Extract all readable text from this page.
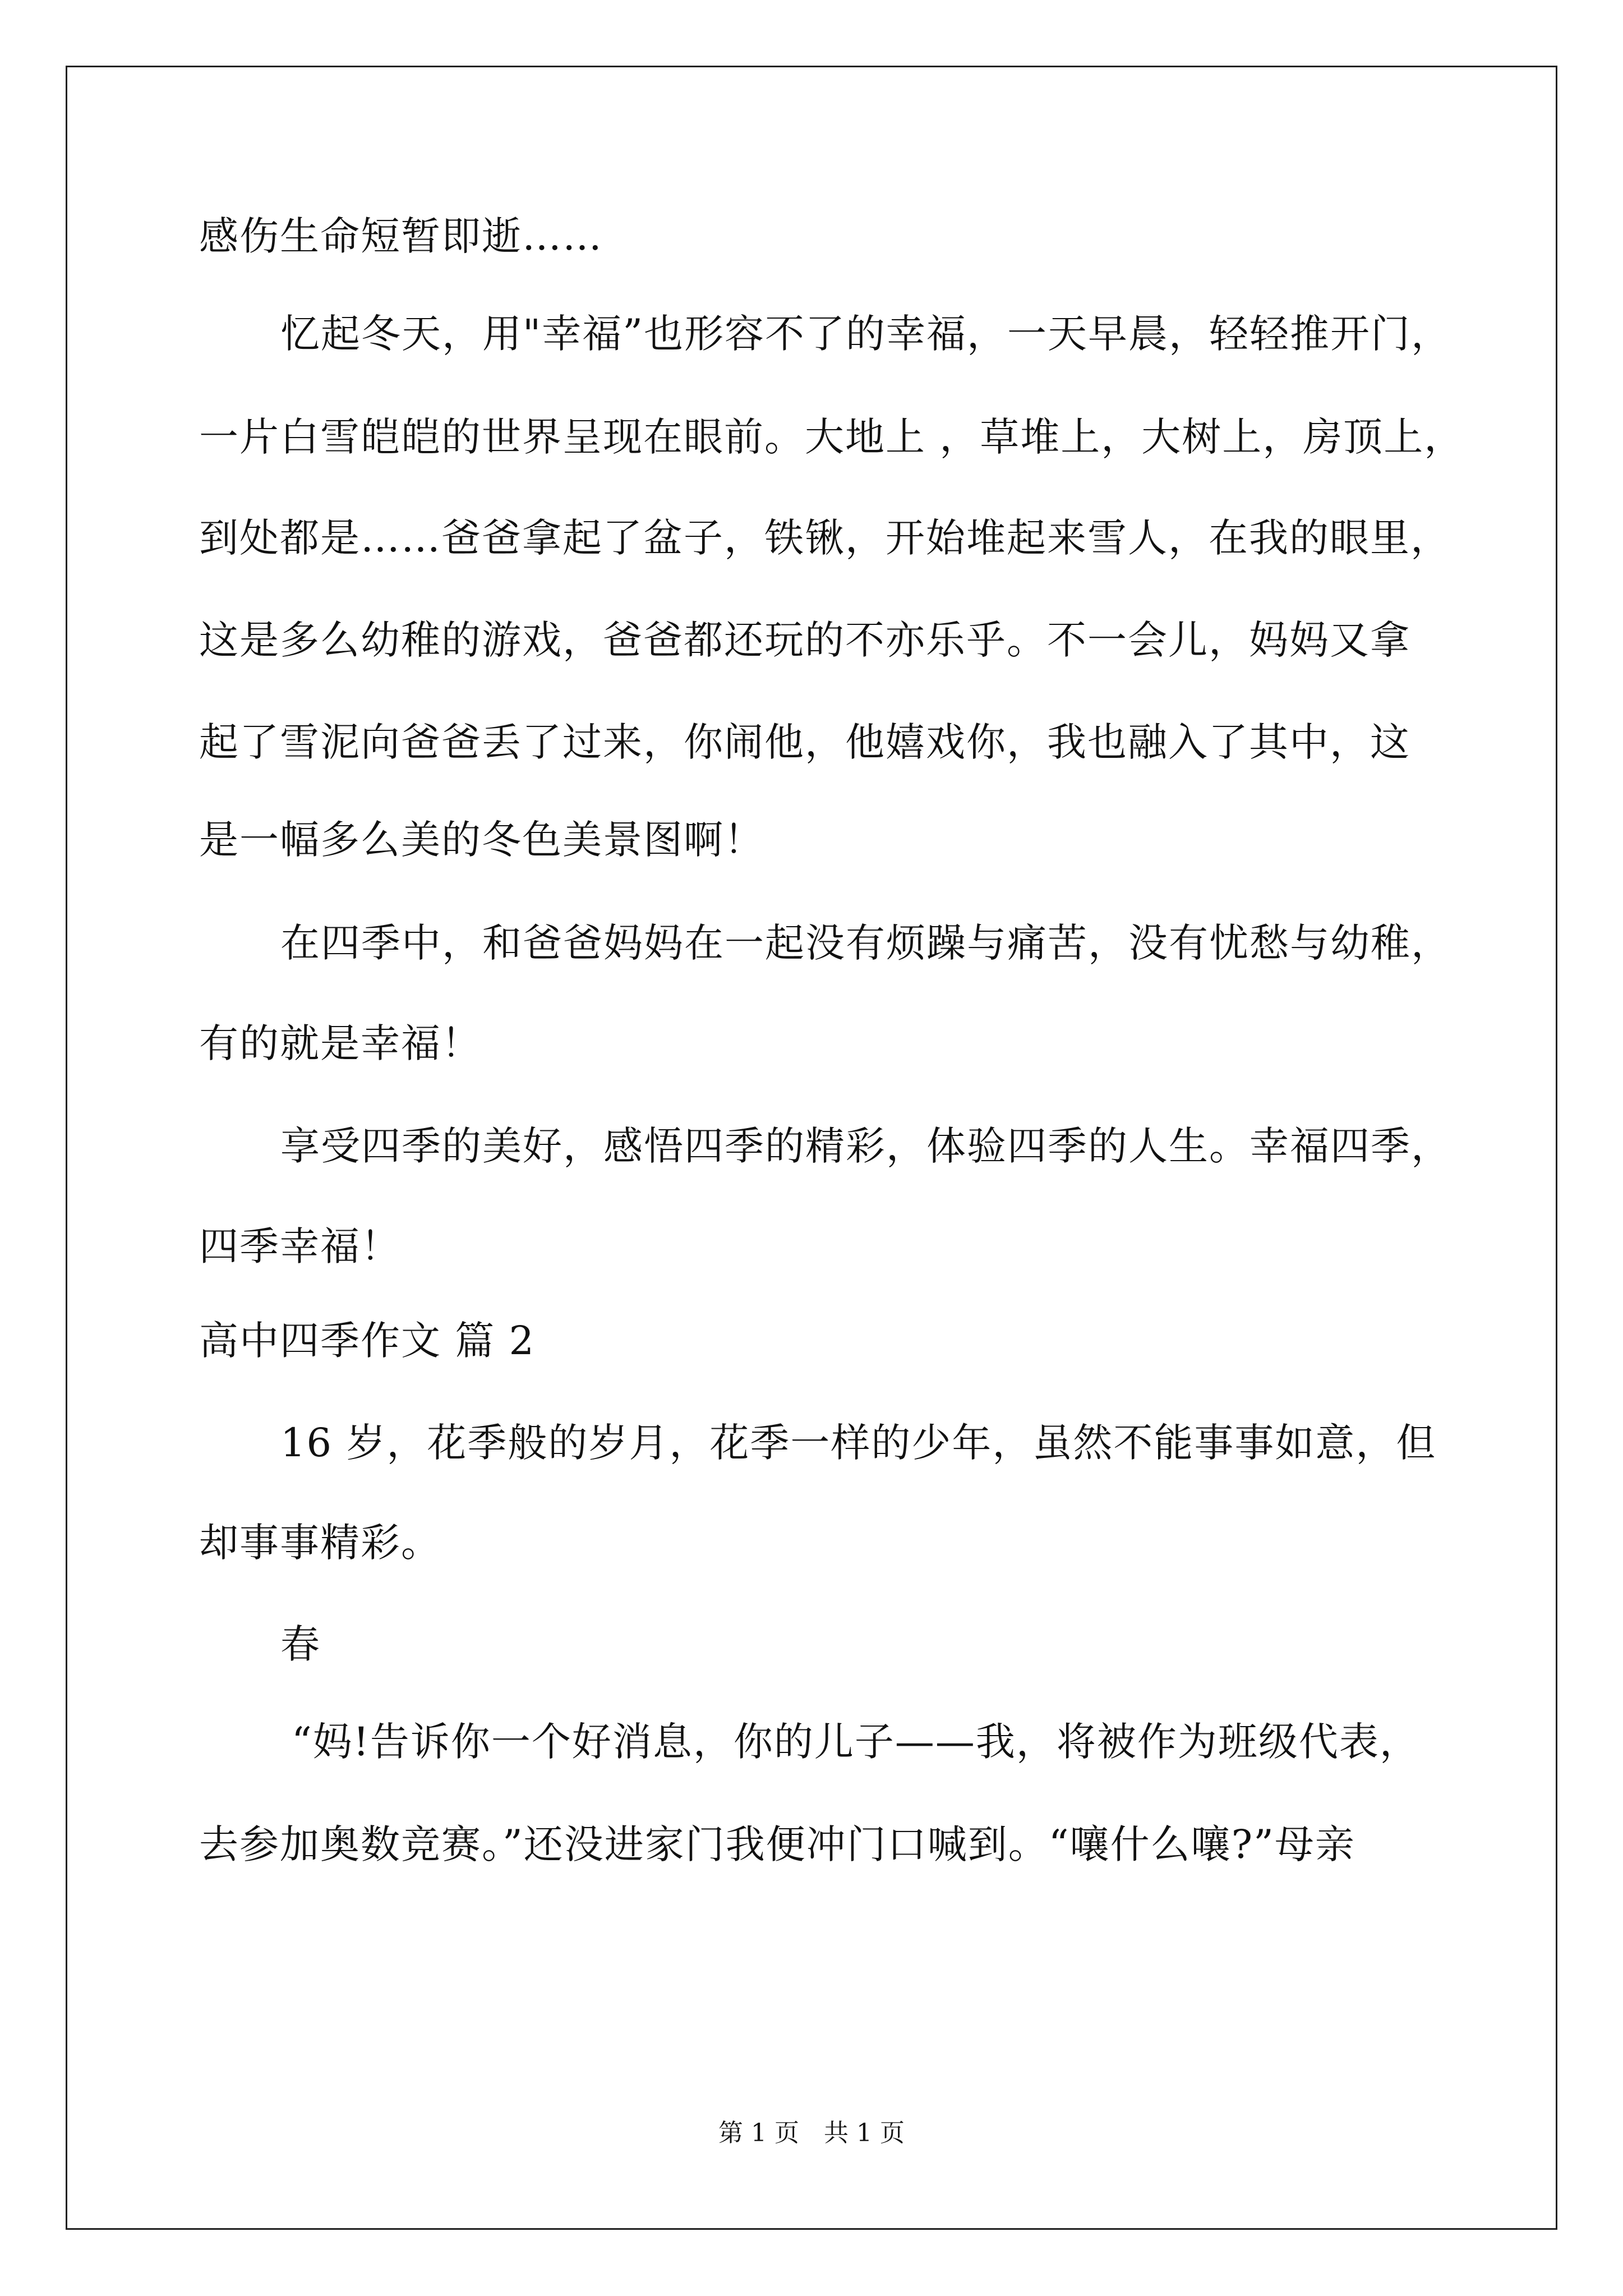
感伤生命短暂即逝……
忆起冬天，用"幸福”也形容不了的幸福，一天早晨，轻轻推开门，
一片白雪皑皑的世界呈现在眼前。大地上 ，草堆上，大树上，房顶上，
到处都是……爸爸拿起了盆子，铁锹，开始堆起来雪人，在我的眼里，
这是多么幼稚的游戏，爸爸都还玩的不亦乐乎。不一会儿，妈妈又拿
起了雪泥向爸爸丢了过来，你闹他，他嬉戏你，我也融入了其中，这
是一幅多么美的冬色美景图啊！
在四季中，和爸爸妈妈在一起没有烦躁与痛苦，没有忧愁与幼稚，
有的就是幸福！
享受四季的美好，感悟四季的精彩，体验四季的人生。幸福四季，
四季幸福！
高中四季作文 篇 2
16 岁，花季般的岁月，花季一样的少年，虽然不能事事如意，但
却事事精彩。
春
“妈!告诉你一个好消息，你的儿子——我，将被作为班级代表，
去参加奥数竞赛。”还没进家门我便冲门口喊到。“嚷什么嚷?”母亲
第 1 页　共 1 页
